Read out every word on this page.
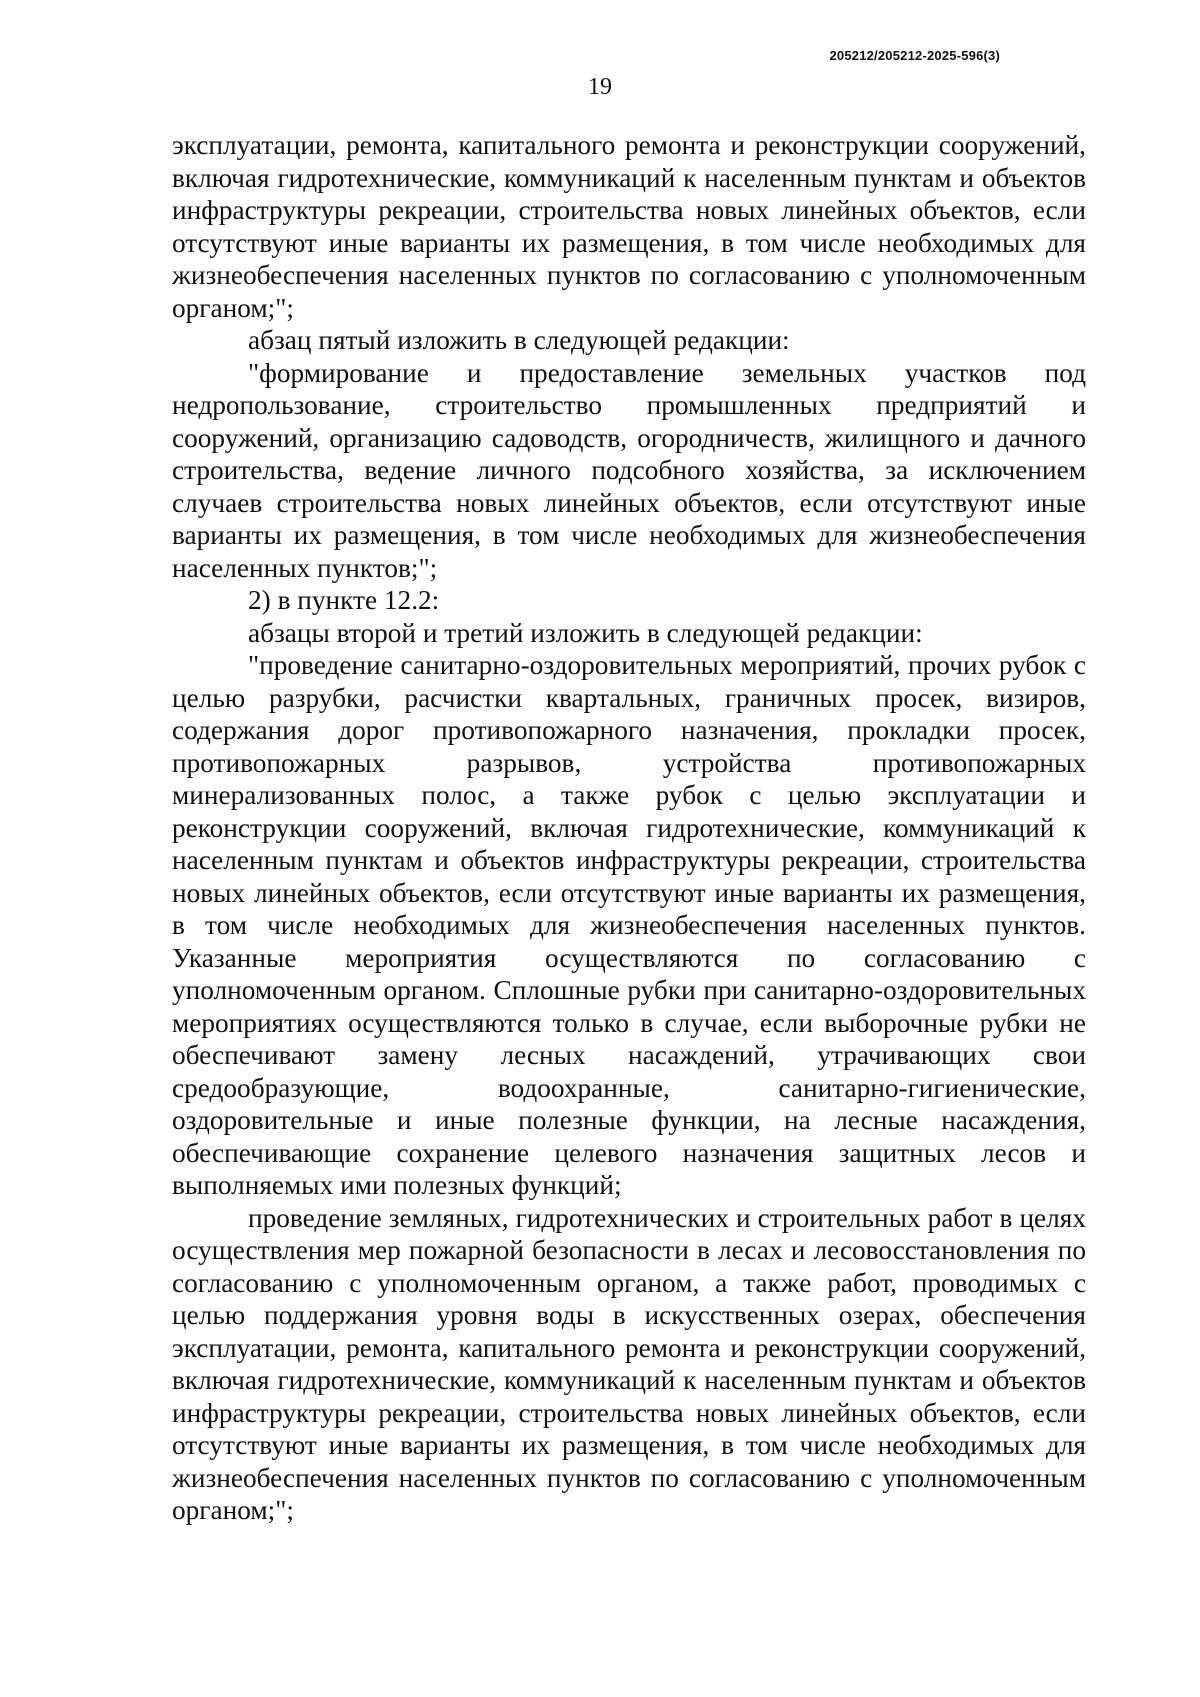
205212/205212-2025-596(3)
19

эксплуатации, ремонта, капитального ремонта и реконструкции сооружений, включая гидротехнические, коммуникаций к населенным пунктам и объектов инфраструктуры рекреации, строительства новых линейных объектов, если отсутствуют иные варианты их размещения, в том числе необходимых для жизнеобеспечения населенных пунктов по согласованию с уполномоченным органом;";

абзац пятый изложить в следующей редакции:

"формирование и предоставление земельных участков под недропользование, строительство промышленных предприятий и сооружений, организацию садоводств, огородничеств, жилищного и дачного строительства, ведение личного подсобного хозяйства, за исключением случаев строительства новых линейных объектов, если отсутствуют иные варианты их размещения, в том числе необходимых для жизнеобеспечения населенных пунктов;";

2) в пункте 12.2:

абзацы второй и третий изложить в следующей редакции:

"проведение санитарно-оздоровительных мероприятий, прочих рубок с целью разрубки, расчистки квартальных, граничных просек, визиров, содержания дорог противопожарного назначения, прокладки просек, противопожарных разрывов, устройства противопожарных минерализованных полос, а также рубок с целью эксплуатации и реконструкции сооружений, включая гидротехнические, коммуникаций к населенным пунктам и объектов инфраструктуры рекреации, строительства новых линейных объектов, если отсутствуют иные варианты их размещения, в том числе необходимых для жизнеобеспечения населенных пунктов. Указанные мероприятия осуществляются по согласованию с уполномоченным органом. Сплошные рубки при санитарно-оздоровительных мероприятиях осуществляются только в случае, если выборочные рубки не обеспечивают замену лесных насаждений, утрачивающих свои средообразующие, водоохранные, санитарно-гигиенические, оздоровительные и иные полезные функции, на лесные насаждения, обеспечивающие сохранение целевого назначения защитных лесов и выполняемых ими полезных функций;

проведение земляных, гидротехнических и строительных работ в целях осуществления мер пожарной безопасности в лесах и лесовосстановления по согласованию с уполномоченным органом, а также работ, проводимых с целью поддержания уровня воды в искусственных озерах, обеспечения эксплуатации, ремонта, капитального ремонта и реконструкции сооружений, включая гидротехнические, коммуникаций к населенным пунктам и объектов инфраструктуры рекреации, строительства новых линейных объектов, если отсутствуют иные варианты их размещения, в том числе необходимых для жизнеобеспечения населенных пунктов по согласованию с уполномоченным органом;";
